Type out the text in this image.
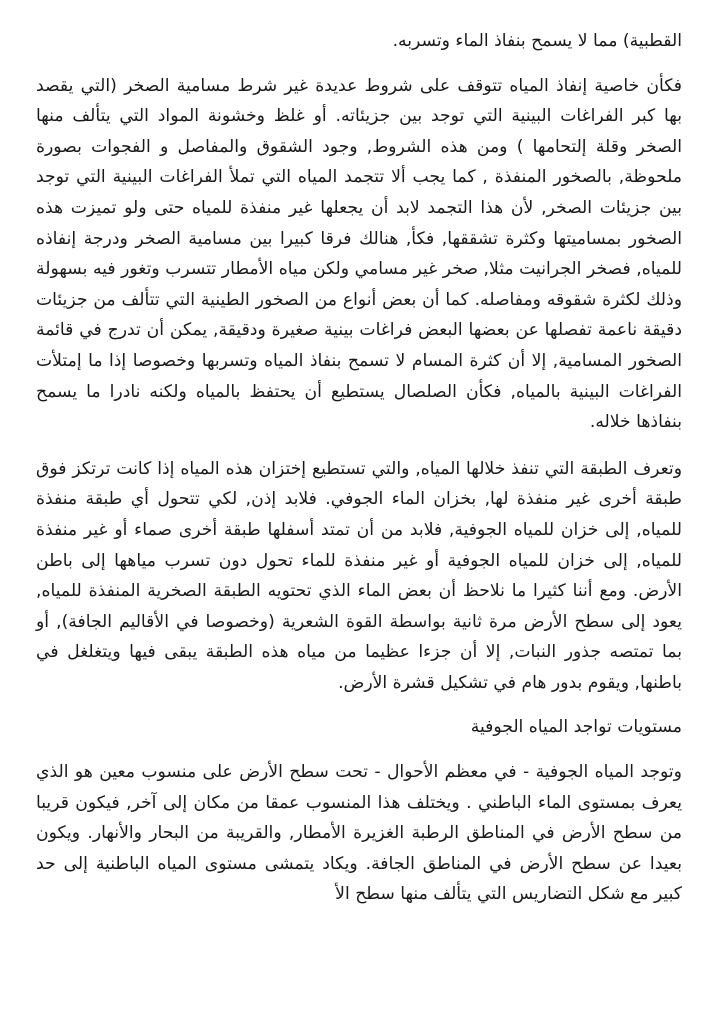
القطبية) مما لا يسمح بنفاذ الماء وتسربه.

فكأن خاصية إنفاذ المياه تتوقف على شروط عديدة غير شرط مسامية الصخر (التي يقصد بها كبر الفراغات البينية التي توجد بين جزيئاته. أو غلظ وخشونة المواد التي يتألف منها الصخر وقلة إلتحامها ) ومن هذه الشروط, وجود الشقوق والمفاصل و الفجوات بصورة ملحوظة, بالصخور المنفذة , كما يجب ألا تتجمد المياه التي تملأ الفراغات البينية التي توجد بين جزيئات الصخر, لأن هذا التجمد لابد أن يجعلها غير منفذة للمياه حتى ولو تميزت هذه الصخور بمساميتها وكثرة تشققها, فكأ, هنالك فرقا كبيرا بين مسامية الصخر ودرجة إنفاذه للمياه, فصخر الجرانيت مثلا, صخر غير مسامي ولكن مياه الأمطار تتسرب وتغور فيه بسهولة وذلك لكثرة شقوقه ومفاصله. كما أن بعض أنواع من الصخور الطينية التي تتألف من جزيئات دقيقة ناعمة تفصلها عن بعضها البعض فراغات بينية صغيرة ودقيقة, يمكن أن تدرج في قائمة الصخور المسامية, إلا أن كثرة المسام لا تسمح بنفاذ المياه وتسربها وخصوصا إذا ما إمتلأت الفراغات البينية بالمياه, فكأن الصلصال يستطيع أن يحتفظ بالمياه ولكنه نادرا ما يسمح بنفاذها خلاله.

وتعرف الطبقة التي تنفذ خلالها المياه, والتي تستطيع إختزان هذه المياه إذا كانت ترتكز فوق طبقة أخرى غير منفذة لها, بخزان الماء الجوفي. فلابد إذن, لكي تتحول أي طبقة منفذة للمياه, إلى خزان للمياه الجوفية, فلابد من أن تمتد أسفلها طبقة أخرى صماء أو غير منفذة للمياه, إلى خزان للمياه الجوفية أو غير منفذة للماء تحول دون تسرب مياهها إلى باطن الأرض. ومع أننا كثيرا ما نلاحظ أن بعض الماء الذي تحتويه الطبقة الصخرية المنفذة للمياه, يعود إلى سطح الأرض مرة ثانية بواسطة القوة الشعرية (وخصوصا في الأقاليم الجافة), أو بما تمتصه جذور النبات, إلا أن جزءا عظيما من مياه هذه الطبقة يبقى فيها ويتغلغل في باطنها, ويقوم بدور هام في تشكيل قشرة الأرض.

مستويات تواجد المياه الجوفية

وتوجد المياه الجوفية - في معظم الأحوال - تحت سطح الأرض على منسوب معين هو الذي يعرف بمستوى الماء الباطني . ويختلف هذا المنسوب عمقا من مكان إلى آخر, فيكون قريبا من سطح الأرض في المناطق الرطبة الغزيرة الأمطار, والقريبة من البحار والأنهار. ويكون بعيدا عن سطح الأرض في المناطق الجافة. ويكاد يتمشى مستوى المياه الباطنية إلى حد كبير مع شكل التضاريس التي يتألف منها سطح الأ
